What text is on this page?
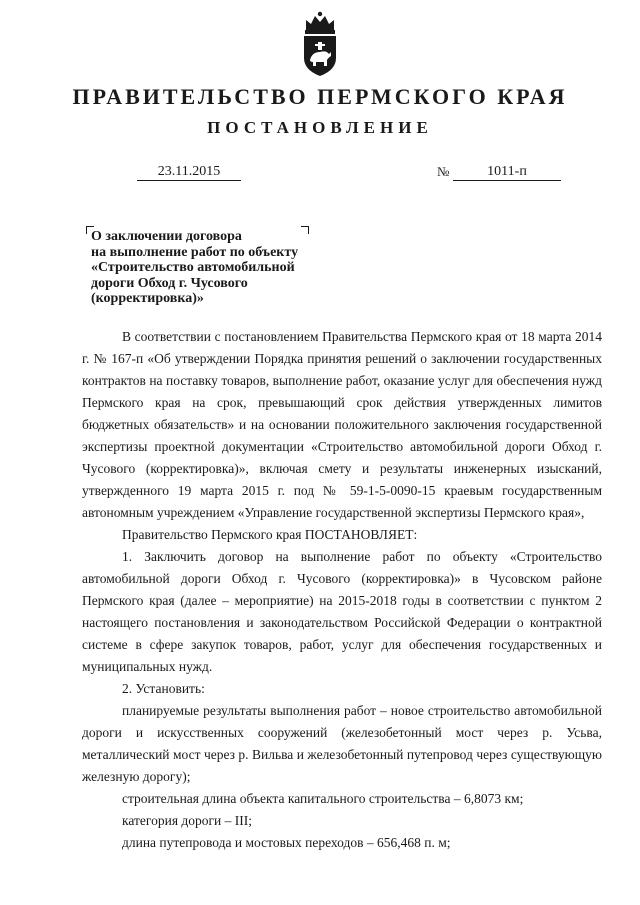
ПРАВИТЕЛЬСТВО ПЕРМСКОГО КРАЯ
ПОСТАНОВЛЕНИЕ
23.11.2015	№	1011-п
О заключении договора
на выполнение работ по объекту
«Строительство автомобильной
дороги Обход г. Чусового
(корректировка)»

В соответствии с постановлением Правительства Пермского края от 18 марта 2014 г. № 167-п «Об утверждении Порядка принятия решений о заключении государственных контрактов на поставку товаров, выполнение работ, оказание услуг для обеспечения нужд Пермского края на срок, превышающий срок действия утвержденных лимитов бюджетных обязательств» и на основании положительного заключения государственной экспертизы проектной документации «Строительство автомобильной дороги Обход г. Чусового (корректировка)», включая смету и результаты инженерных изысканий, утвержденного 19 марта 2015 г. под № 59-1-5-0090-15 краевым государственным автономным учреждением «Управление государственной экспертизы Пермского края»,

Правительство Пермского края ПОСТАНОВЛЯЕТ:

1. Заключить договор на выполнение работ по объекту «Строительство автомобильной дороги Обход г. Чусового (корректировка)» в Чусовском районе Пермского края (далее – мероприятие) на 2015-2018 годы в соответствии с пунктом 2 настоящего постановления и законодательством Российской Федерации о контрактной системе в сфере закупок товаров, работ, услуг для обеспечения государственных и муниципальных нужд.

2. Установить:

планируемые результаты выполнения работ – новое строительство автомобильной дороги и искусственных сооружений (железобетонный мост через р. Усьва, металлический мост через р. Вильва и железобетонный путепровод через существующую железную дорогу);

строительная длина объекта капитального строительства – 6,8073 км;

категория дороги – III;

длина путепровода и мостовых переходов – 656,468 п. м;
